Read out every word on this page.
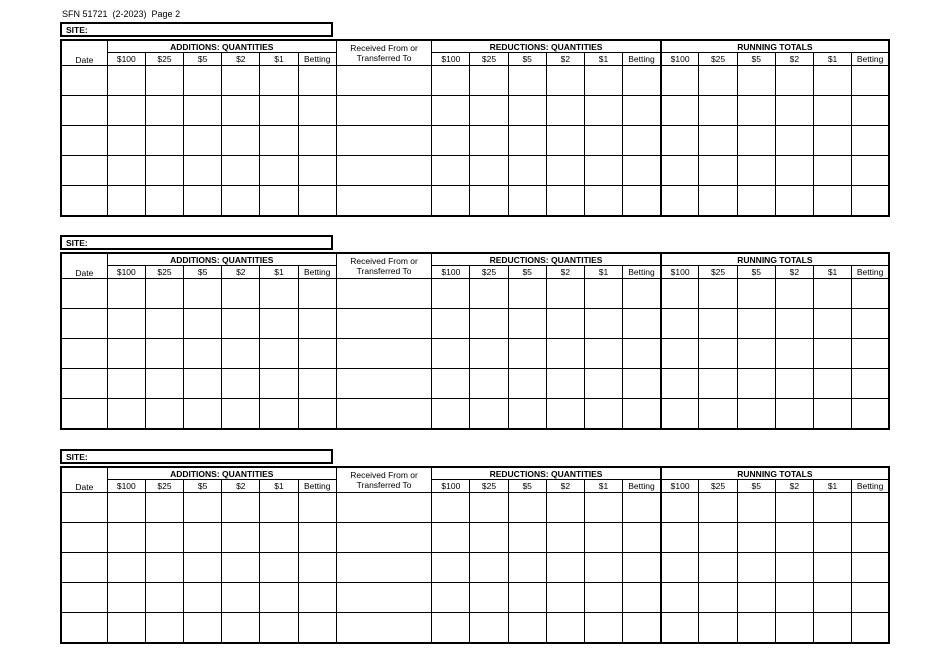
SFN 51721  (2-2023)  Page 2
SITE:
	ADDITIONS: QUANTITIES						Received From or	REDUCTIONS: QUANTITIES						RUNNING TOTALS					
Date	$100	$25	$5	$2	$1	Betting	Transferred To	$100	$25	$5	$2	$1	Betting	$100	$25	$5	$2	$1	Betting

SITE:
	ADDITIONS: QUANTITIES						Received From or	REDUCTIONS: QUANTITIES						RUNNING TOTALS					
Date	$100	$25	$5	$2	$1	Betting	Transferred To	$100	$25	$5	$2	$1	Betting	$100	$25	$5	$2	$1	Betting

SITE:
	ADDITIONS: QUANTITIES						Received From or	REDUCTIONS: QUANTITIES						RUNNING TOTALS					
Date	$100	$25	$5	$2	$1	Betting	Transferred To	$100	$25	$5	$2	$1	Betting	$100	$25	$5	$2	$1	Betting
